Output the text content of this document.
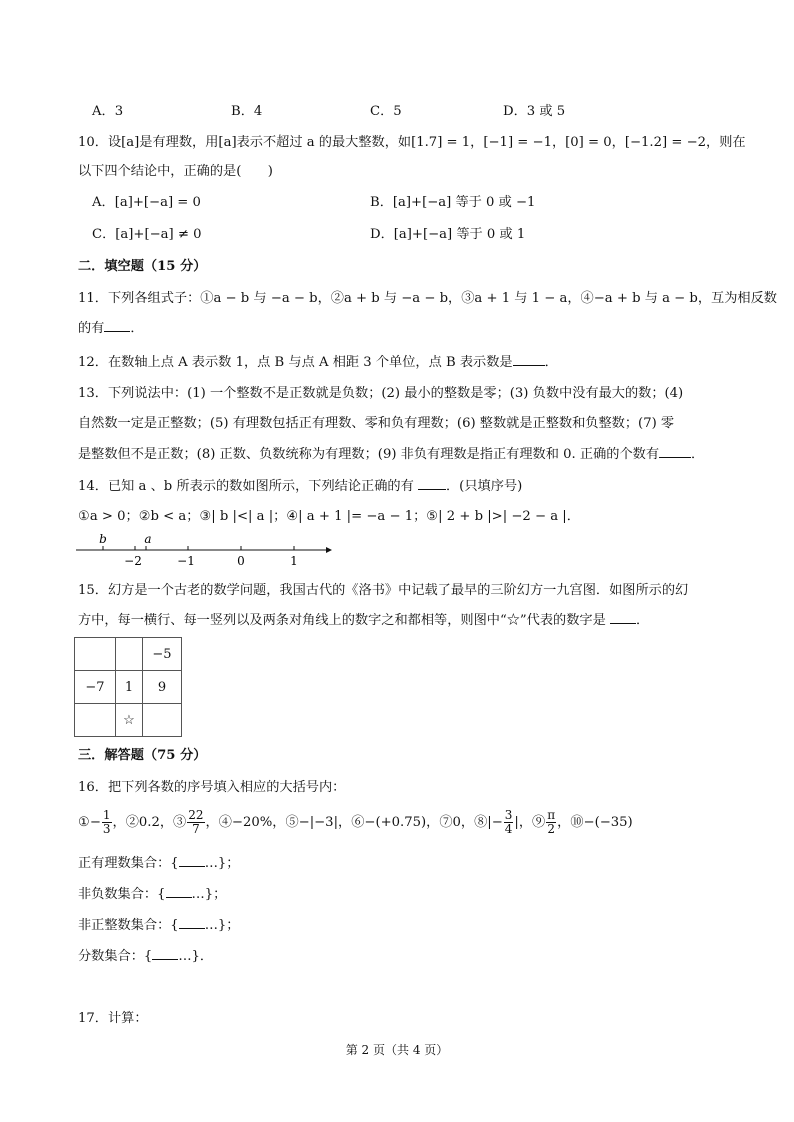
A．3	B．4	C．5	D．3 或 5
10．设[a]是有理数，用[a]表示不超过 a 的最大整数，如[1.7] = 1，[−1] = −1，[0] = 0，[−1.2] = −2，则在
以下四个结论中，正确的是(　　)
A．[a]+[−a] = 0	B．[a]+[−a] 等于 0 或 −1
C．[a]+[−a] ≠ 0	D．[a]+[−a] 等于 0 或 1
二．填空题（15 分）
11．下列各组式子：①a − b 与 −a − b，②a + b 与 −a − b，③a + 1 与 1 − a，④−a + b 与 a − b，互为相反数
的有 ．
12．在数轴上点 A 表示数 1，点 B 与点 A 相距 3 个单位，点 B 表示数是 ．
13．下列说法中：(1) 一个整数不是正数就是负数；(2) 最小的整数是零；(3) 负数中没有最大的数；(4)
自然数一定是正整数；(5) 有理数包括正有理数、零和负有理数；(6) 整数就是正整数和负整数；(7) 零
是整数但不是正数；(8) 正数、负数统称为有理数；(9) 非负有理数是指正有理数和 0. 正确的个数有 ．
14．已知 a 、b 所表示的数如图所示，下列结论正确的有 ．(只填序号)
①a > 0；②b < a；③| b |<| a |；④| a + 1 |= −a − 1；⑤| 2 + b |>| −2 − a |．
b	a
−2	−1	0	1
15．幻方是一个古老的数学问题，我国古代的《洛书》中记载了最早的三阶幻方一九宫图．如图所示的幻
方中，每一横行、每一竖列以及两条对角线上的数字之和都相等，则图中“☆”代表的数字是 ．
		−5
−7	1	9
	☆	
三．解答题（75 分）
16．把下列各数的序号填入相应的大括号内：
①− $\frac{1}{3}$ ，②0.2，③ $\frac{22}{7}$ ，④−20%，⑤−|−3|，⑥−(+0.75)，⑦0，⑧|− $\frac{3}{4}$ |，⑨ $\frac{\pi}{2}$ ，⑩−(−35)
正有理数集合：{ …}；
非负数集合：{ …}；
非正整数集合：{ …}；
分数集合：{ …}．
17．计算：
第 2 页（共 4 页）
